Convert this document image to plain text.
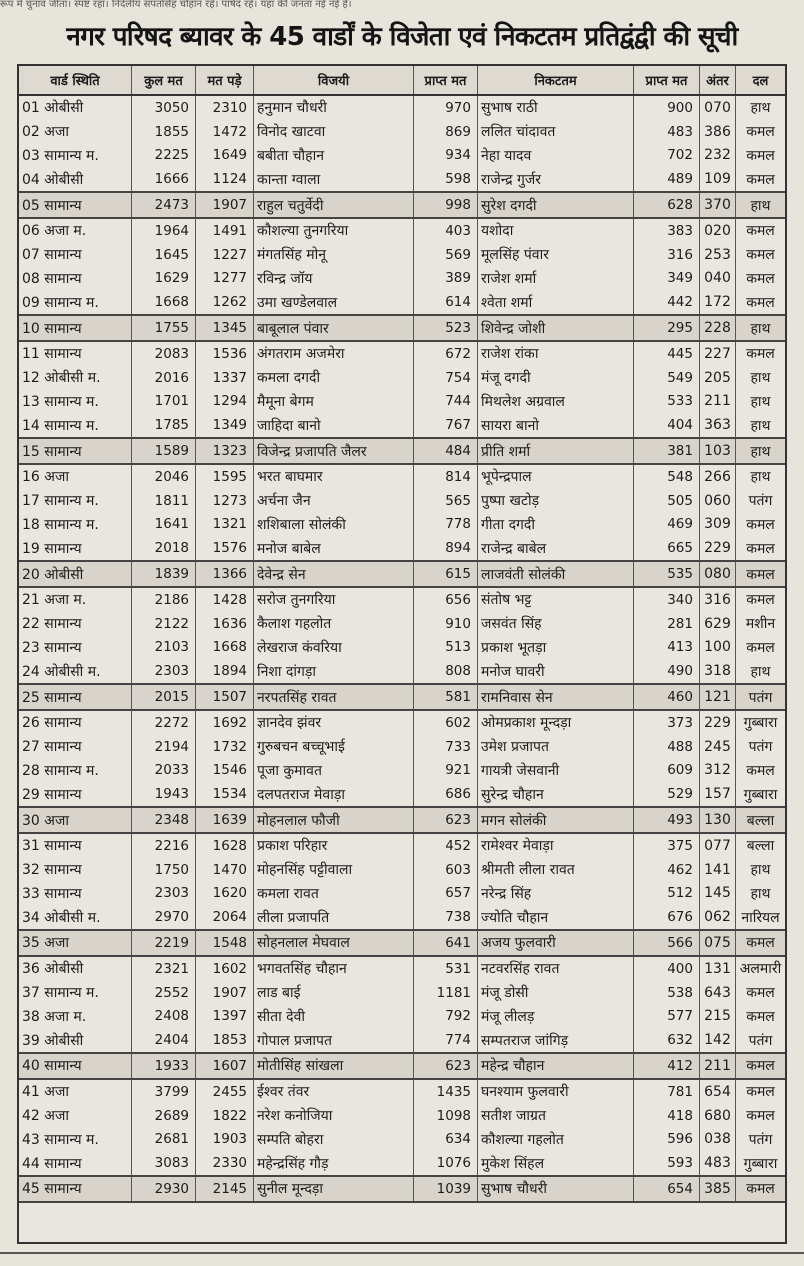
रूप में चुनाव जीता। स्पष्ट रहा। निर्दलीय सपतसिंह चौहान रहे। पार्षद रहे। यहां की जनता नई नई है।
नगर परिषद ब्यावर के 45 वार्डों के विजेता एवं निकटतम प्रतिद्वंद्वी की सूची
वार्ड स्थिति	कुल मत	मत पड़े	विजयी	प्राप्त मत	निकटतम	प्राप्त मत	अंतर	दल
01 ओबीसी	3050	2310 हनुमान चौधरी	970 सुभाष राठी	900 070	हाथ
02 अजा	1855	1472 विनोद खाटवा	869 ललित चांदावत	483 386	कमल
03 सामान्य म.	2225	1649 बबीता चौहान	934 नेहा यादव	702 232	कमल
04 ओबीसी	1666	1124 कान्ता ग्वाला	598 राजेन्द्र गुर्जर	489 109	कमल
05 सामान्य	2473	1907 राहुल चतुर्वेदी	998 सुरेश दगदी	628 370	हाथ
06 अजा म.	1964	1491 कौशल्या तुनगरिया	403 यशोदा	383 020	कमल
07 सामान्य	1645	1227 मंगतसिंह मोनू	569 मूलसिंह पंवार	316 253	कमल
08 सामान्य	1629	1277 रविन्द्र जॉय	389 राजेश शर्मा	349 040	कमल
09 सामान्य म.	1668	1262 उमा खण्डेलवाल	614 श्वेता शर्मा	442 172	कमल
10 सामान्य	1755	1345 बाबूलाल पंवार	523 शिवेन्द्र जोशी	295 228	हाथ
11 सामान्य	2083	1536 अंगतराम अजमेरा	672 राजेश रांका	445 227	कमल
12 ओबीसी म.	2016	1337 कमला दगदी	754 मंजू दगदी	549 205	हाथ
13 सामान्य म.	1701	1294 मैमूना बेगम	744 मिथलेश अग्रवाल	533 211	हाथ
14 सामान्य म.	1785	1349 जाहिदा बानो	767 सायरा बानो	404 363	हाथ
15 सामान्य	1589	1323 विजेन्द्र प्रजापति जैलर	484 प्रीति शर्मा	381 103	हाथ
16 अजा	2046	1595 भरत बाघमार	814 भूपेन्द्रपाल	548 266	हाथ
17 सामान्य म.	1811	1273 अर्चना जैन	565 पुष्पा खटोड़	505 060	पतंग
18 सामान्य म.	1641	1321 शशिबाला सोलंकी	778 गीता दगदी	469 309	कमल
19 सामान्य	2018	1576 मनोज बाबेल	894 राजेन्द्र बाबेल	665 229	कमल
20 ओबीसी	1839	1366 देवेन्द्र सेन	615 लाजवंती सोलंकी	535 080	कमल
21 अजा म.	2186	1428 सरोज तुनगरिया	656 संतोष भट्ट	340 316	कमल
22 सामान्य	2122	1636 कैलाश गहलोत	910 जसवंत सिंह	281 629	मशीन
23 सामान्य	2103	1668 लेखराज कंवरिया	513 प्रकाश भूतड़ा	413 100	कमल
24 ओबीसी म.	2303	1894 निशा दांगड़ा	808 मनोज घावरी	490 318	हाथ
25 सामान्य	2015	1507 नरपतसिंह रावत	581 रामनिवास सेन	460 121	पतंग
26 सामान्य	2272	1692 ज्ञानदेव झंवर	602 ओमप्रकाश मून्दड़ा	373 229 गुब्बारा
27 सामान्य	2194	1732 गुरुबचन बच्चूभाई	733 उमेश प्रजापत	488 245	पतंग
28 सामान्य म.	2033	1546 पूजा कुमावत	921 गायत्री जेसवानी	609 312	कमल
29 सामान्य	1943	1534 दलपतराज मेवाड़ा	686 सुरेन्द्र चौहान	529 157 गुब्बारा
30 अजा	2348	1639 मोहनलाल फौजी	623 मगन सोलंकी	493 130	बल्ला
31 सामान्य	2216	1628 प्रकाश परिहार	452 रामेश्वर मेवाड़ा	375 077	बल्ला
32 सामान्य	1750	1470 मोहनसिंह पट्टीवाला	603 श्रीमती लीला रावत	462 141	हाथ
33 सामान्य	2303	1620 कमला रावत	657 नरेन्द्र सिंह	512 145	हाथ
34 ओबीसी म.	2970	2064 लीला प्रजापति	738 ज्योति चौहान	676 062 नारियल
35 अजा	2219	1548 सोहनलाल मेघवाल	641 अजय फुलवारी	566 075	कमल
36 ओबीसी	2321	1602 भगवतसिंह चौहान	531 नटवरसिंह रावत	400 131 अलमारी
37 सामान्य म.	2552	1907 लाड बाई	1181 मंजू डोसी	538 643	कमल
38 अजा म.	2408	1397 सीता देवी	792 मंजू लीलड़	577 215	कमल
39 ओबीसी	2404	1853 गोपाल प्रजापत	774 सम्पतराज जांगिड़	632 142	पतंग
40 सामान्य	1933	1607 मोतीसिंह सांखला	623 महेन्द्र चौहान	412 211	कमल
41 अजा	3799	2455 ईश्वर तंवर	1435 घनश्याम फुलवारी	781 654	कमल
42 अजा	2689	1822 नरेश कनोजिया	1098 सतीश जाग्रत	418 680	कमल
43 सामान्य म.	2681	1903 सम्पति बोहरा	634 कौशल्या गहलोत	596 038	पतंग
44 सामान्य	3083	2330 महेन्द्रसिंह गौड़	1076 मुकेश सिंहल	593 483 गुब्बारा
45 सामान्य	2930	2145 सुनील मून्दड़ा	1039 सुभाष चौधरी	654 385	कमल
